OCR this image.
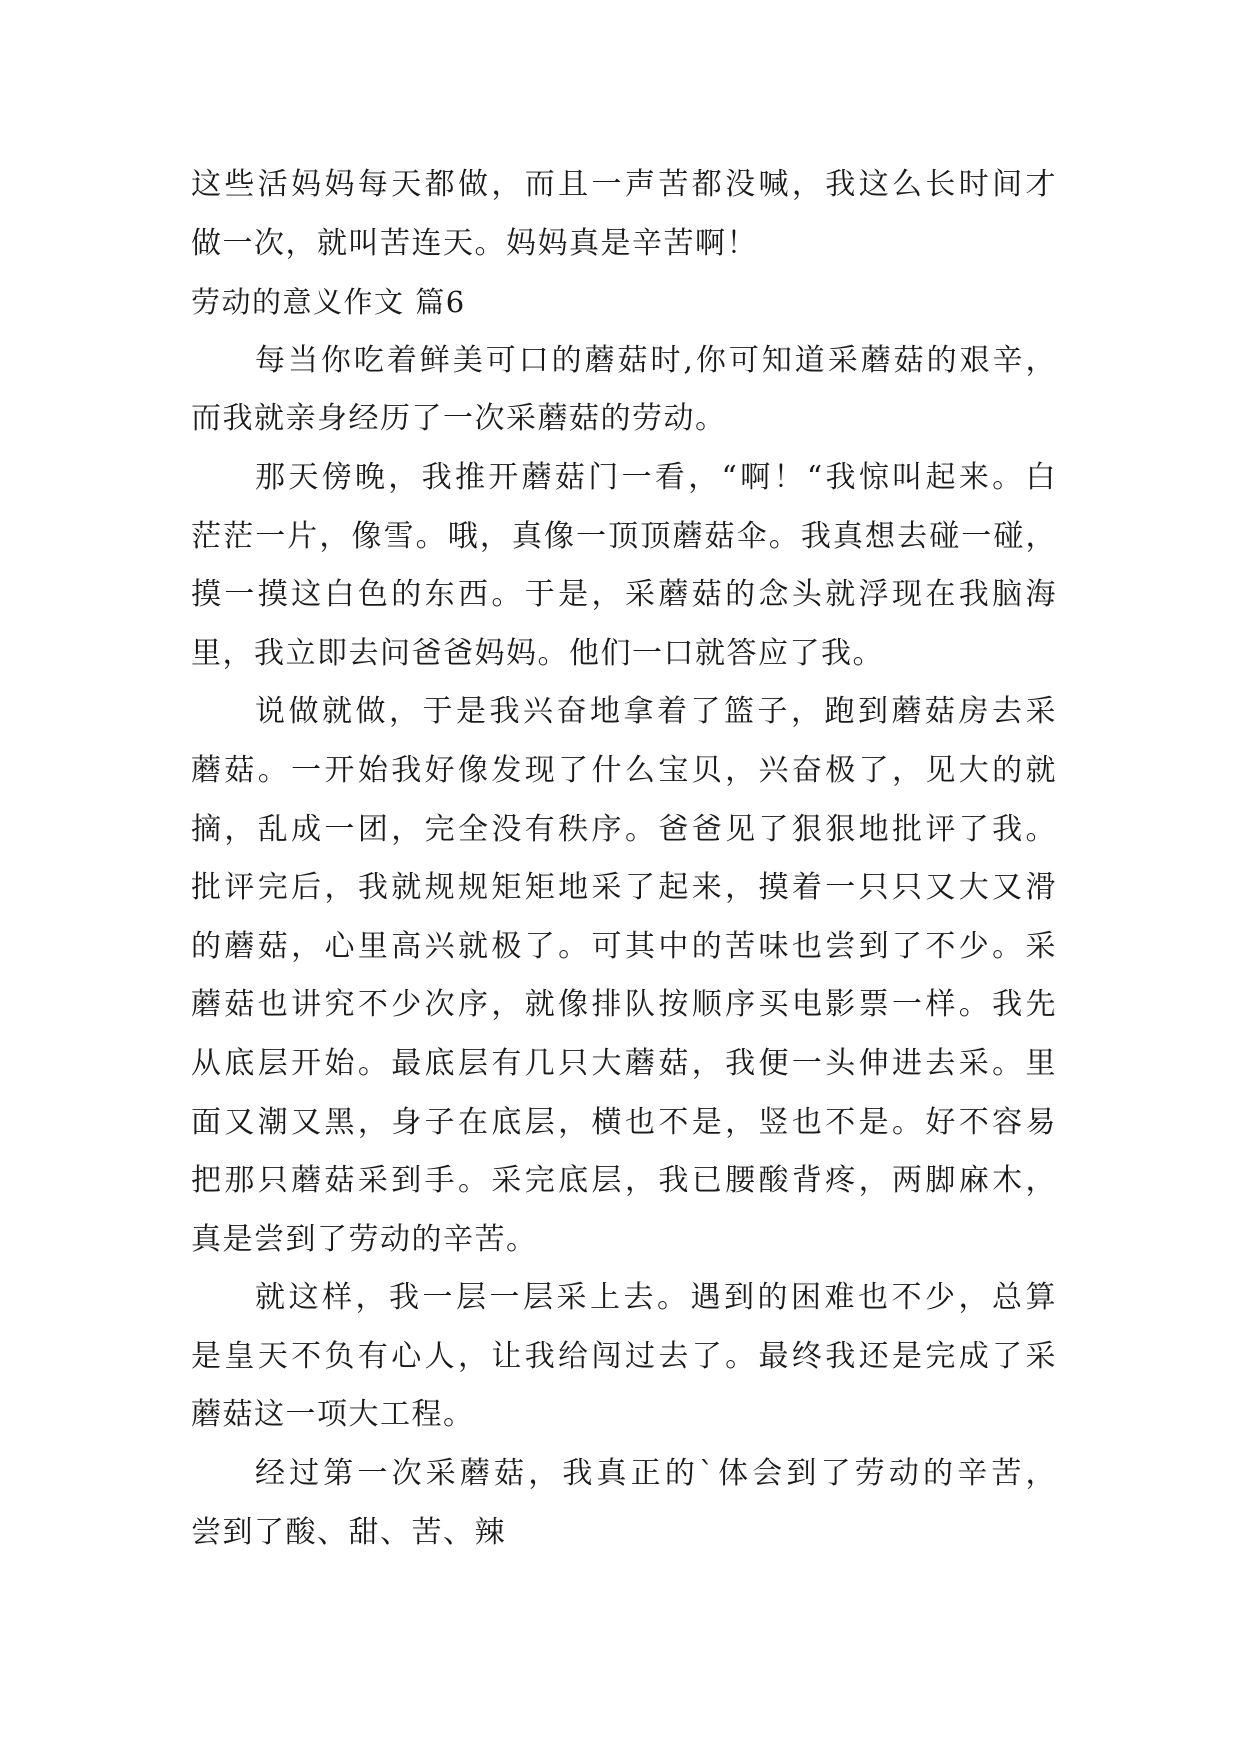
这些活妈妈每天都做，而且一声苦都没喊，我这么长时间才
做一次，就叫苦连天。妈妈真是辛苦啊！
劳动的意义作文 篇6
每当你吃着鲜美可口的蘑菇时,你可知道采蘑菇的艰辛，
而我就亲身经历了一次采蘑菇的劳动。
那天傍晚，我推开蘑菇门一看，“啊！“我惊叫起来。白
茫茫一片，像雪。哦，真像一顶顶蘑菇伞。我真想去碰一碰，
摸一摸这白色的东西。于是，采蘑菇的念头就浮现在我脑海
里，我立即去问爸爸妈妈。他们一口就答应了我。
说做就做，于是我兴奋地拿着了篮子，跑到蘑菇房去采
蘑菇。一开始我好像发现了什么宝贝，兴奋极了，见大的就
摘，乱成一团，完全没有秩序。爸爸见了狠狠地批评了我。
批评完后，我就规规矩矩地采了起来，摸着一只只又大又滑
的蘑菇，心里高兴就极了。可其中的苦味也尝到了不少。采
蘑菇也讲究不少次序，就像排队按顺序买电影票一样。我先
从底层开始。最底层有几只大蘑菇，我便一头伸进去采。里
面又潮又黑，身子在底层，横也不是，竖也不是。好不容易
把那只蘑菇采到手。采完底层，我已腰酸背疼，两脚麻木，
真是尝到了劳动的辛苦。
就这样，我一层一层采上去。遇到的困难也不少，总算
是皇天不负有心人，让我给闯过去了。最终我还是完成了采
蘑菇这一项大工程。
经过第一次采蘑菇，我真正的`体会到了劳动的辛苦，
尝到了酸、甜、苦、辣
